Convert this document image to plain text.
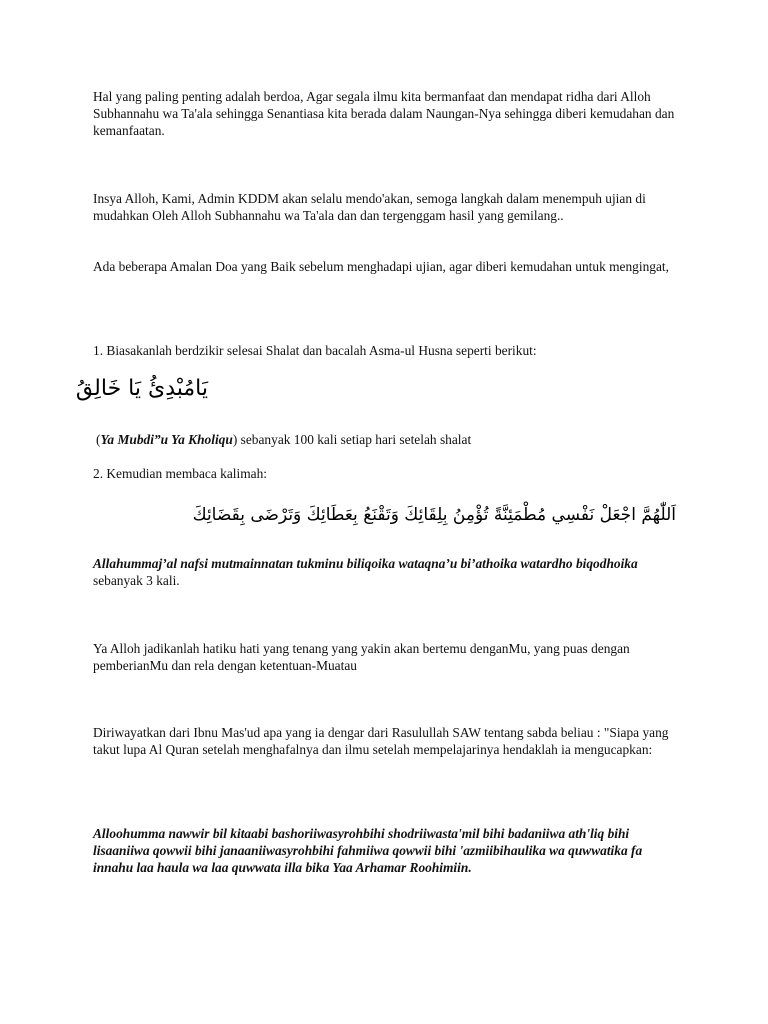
Hal yang paling penting adalah berdoa, Agar segala ilmu kita bermanfaat dan mendapat ridha dari Alloh Subhannahu wa Ta'ala sehingga Senantiasa kita berada dalam Naungan-Nya sehingga diberi kemudahan dan kemanfaatan.

Insya Alloh, Kami, Admin KDDM akan selalu mendo'akan, semoga langkah dalam menempuh ujian di mudahkan Oleh Alloh Subhannahu wa Ta'ala dan dan tergenggam hasil yang gemilang..

Ada beberapa Amalan Doa yang Baik sebelum menghadapi ujian, agar diberi kemudahan untuk mengingat,

1. Biasakanlah berdzikir selesai Shalat dan bacalah Asma-ul Husna seperti berikut:

يَامُبْدِئُ يَا خَالِقُ

(Ya Mubdi”u Ya Kholiqu) sebanyak 100 kali setiap hari setelah shalat

2. Kemudian membaca kalimah:

اَللّٰهُمَّ اجْعَلْ نَفْسِي مُطْمَئِنَّةً تُؤْمِنُ بِلِقَائِكَ وَتَقْنَعُ بِعَطَائِكَ وَتَرْضَى بِقَضَائِكَ

Allahummaj’al nafsi mutmainnatan tukminu biliqoika wataqna’u bi’athoika watardho biqodhoika sebanyak 3 kali.

Ya Alloh jadikanlah hatiku hati yang tenang yang yakin akan bertemu denganMu, yang puas dengan pemberianMu dan rela dengan ketentuan-Muatau

Diriwayatkan dari Ibnu Mas'ud apa yang ia dengar dari Rasulullah SAW tentang sabda beliau : "Siapa yang takut lupa Al Quran setelah menghafalnya dan ilmu setelah mempelajarinya hendaklah ia mengucapkan:

Alloohumma nawwir bil kitaabi bashoriiwasyrohbihi shodriiwasta'mil bihi badaniiwa ath'liq bihi lisaaniiwa qowwii bihi janaaniiwasyrohbihi fahmiiwa qowwii bihi 'azmiibihaulika wa quwwatika fa innahu laa haula wa laa quwwata illa bika Yaa Arhamar Roohimiin.
